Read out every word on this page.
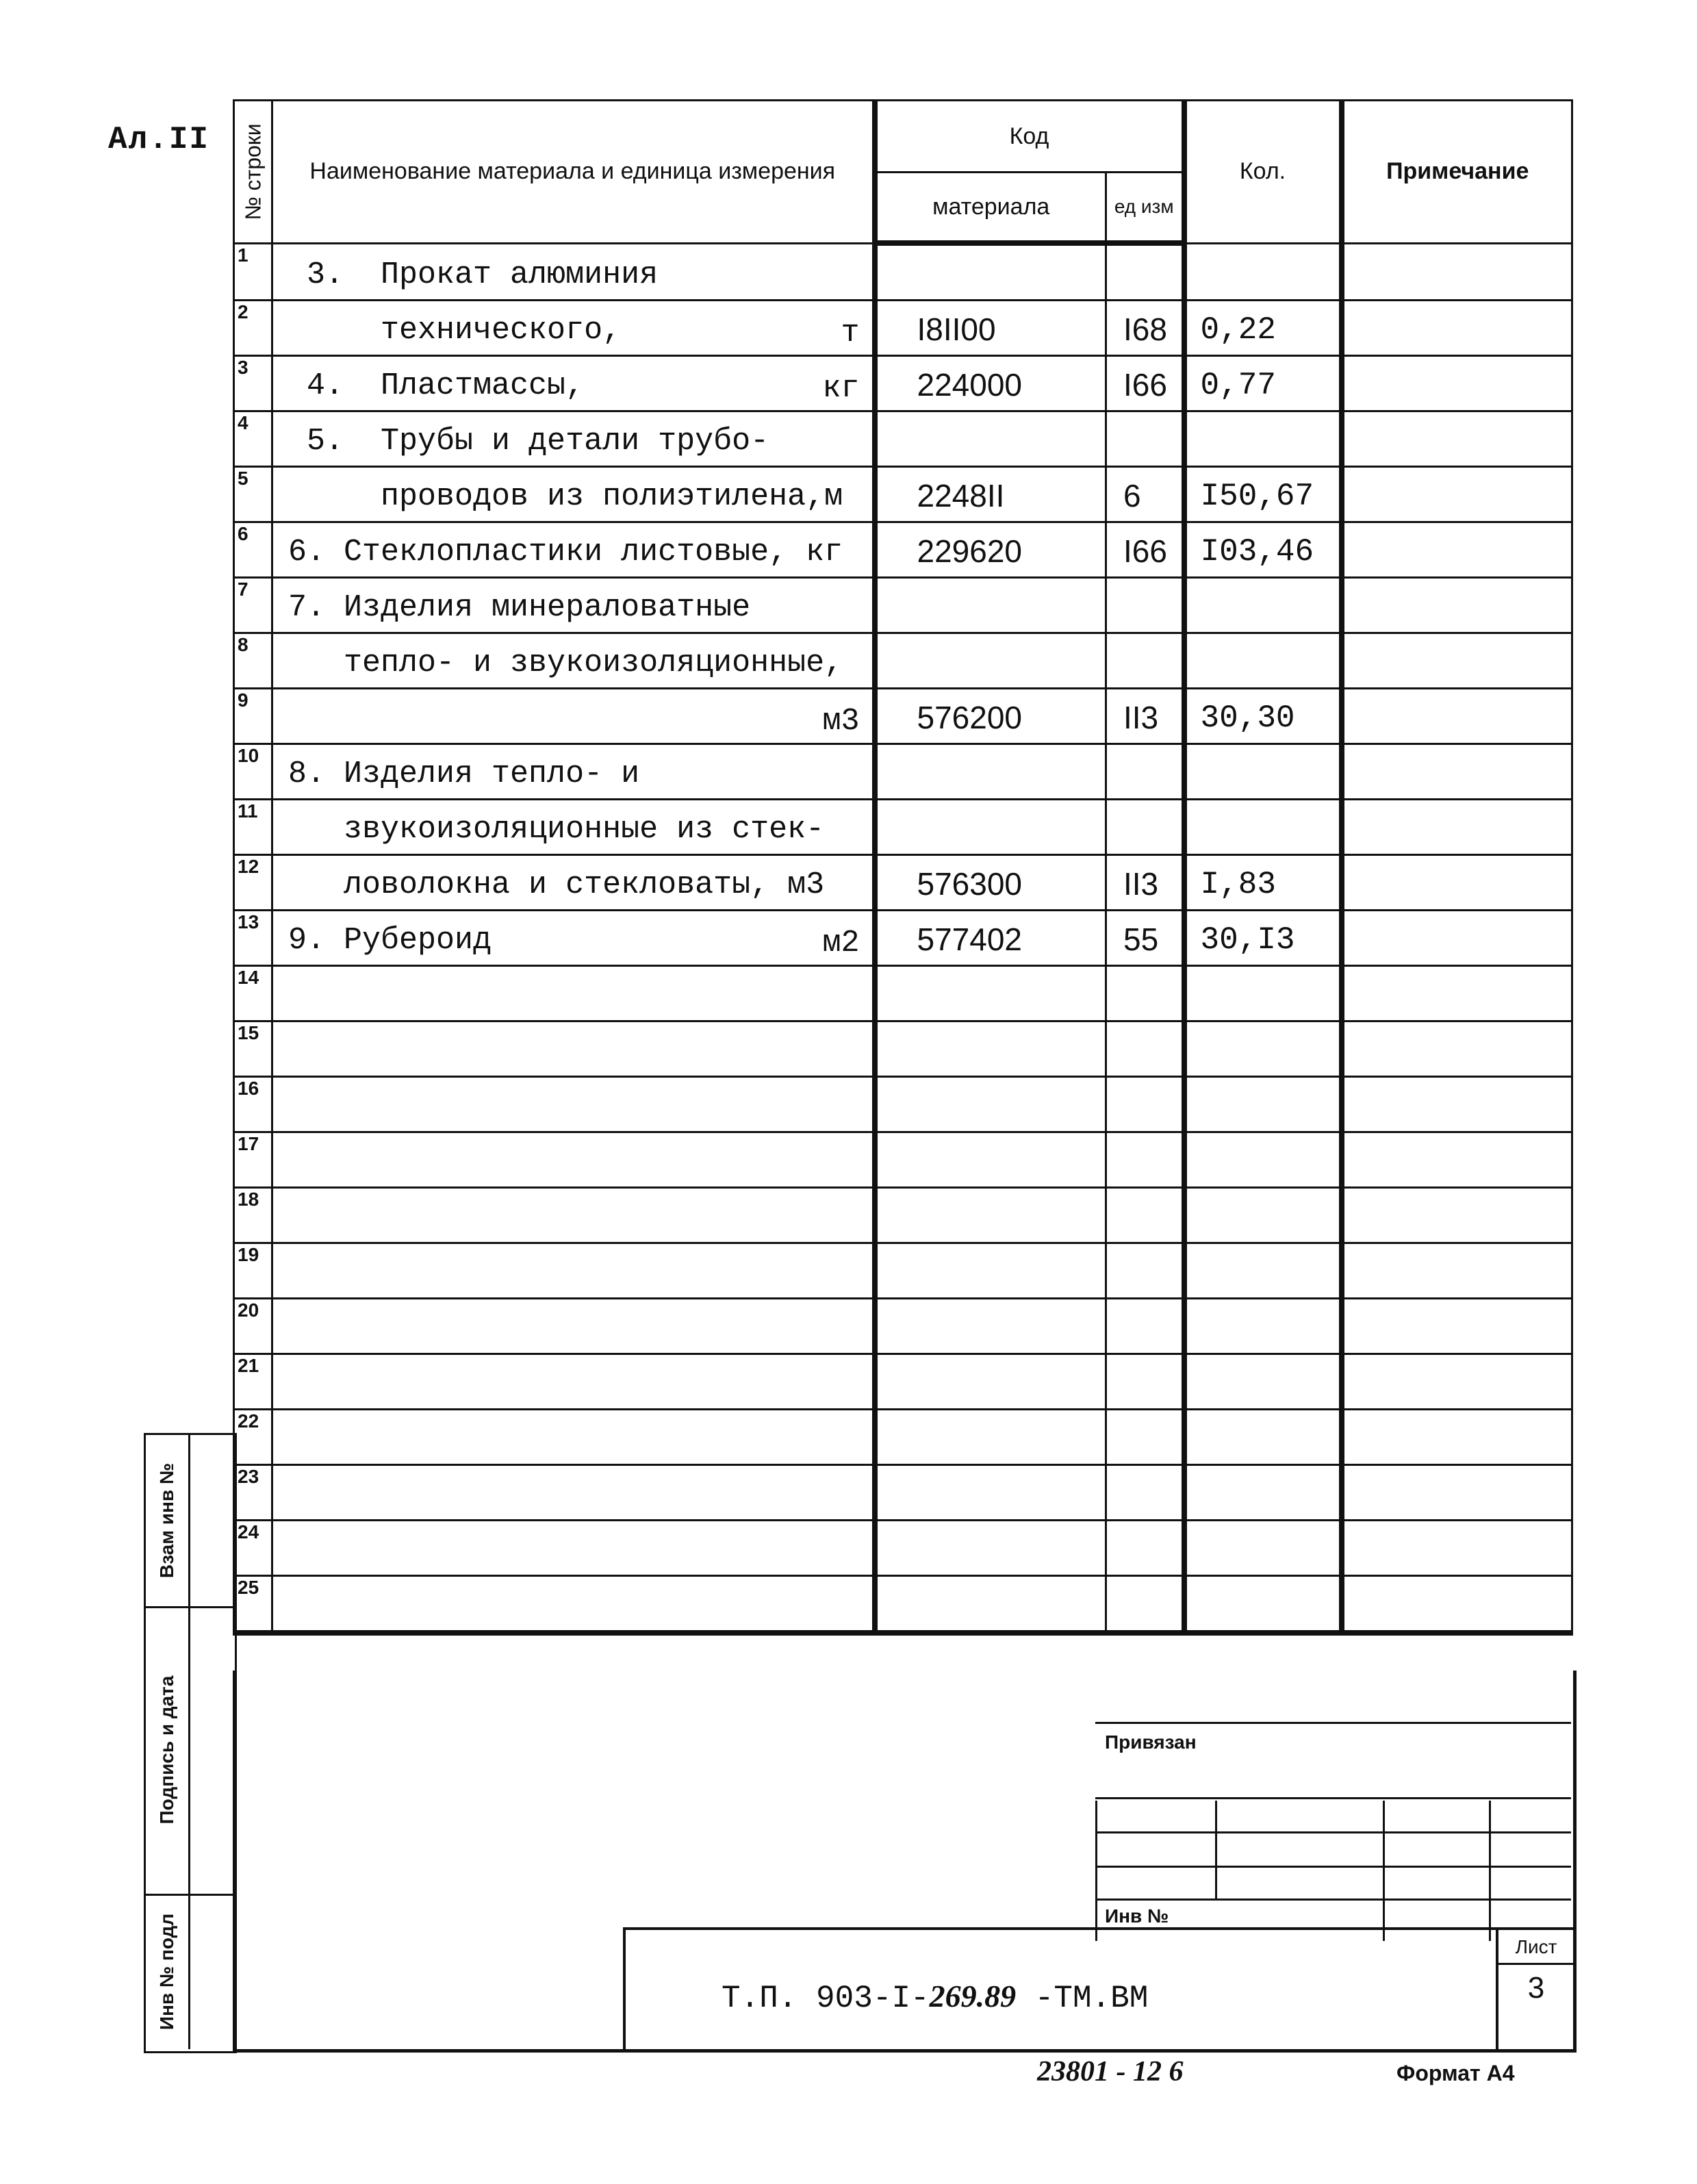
Ал.II № строки	Наименование материала и единица измерения	Код		Кол.	Примечание
		материала	ед изм		

1	3.  Прокат алюминия				

2	технического, т	I8II00	I68	0,22	

3	4.  Пластмассы, кг	224000	I66	0,77	

4	5.  Трубы и детали трубо-				

5	проводов из полиэтилена,м	2248II	6	I50,67	

6	6. Стеклопластики листовые, кг	229620	I66	I03,46	

7	7. Изделия минераловатные				

8	тепло- и звукоизоляционные,				

9	м3	576200	II3	30,30	

10	8. Изделия тепло- и				

11	звукоизоляционные из стек-				

12	ловолокна и стекловаты, м3	576300	II3	I,83	

13	9. Рубероид м2	577402	55	30,I3	

14					

15					

16					

17					

18					

19					

20					

21					

22					

23					

24					

25					

Взам инв №
Подпись и дата
Инв № подл
Привязан
Инв №
Т.П. 903-I-269.89 -ТМ.ВМ
Лист
3
23801 - 12 6	Формат А4
